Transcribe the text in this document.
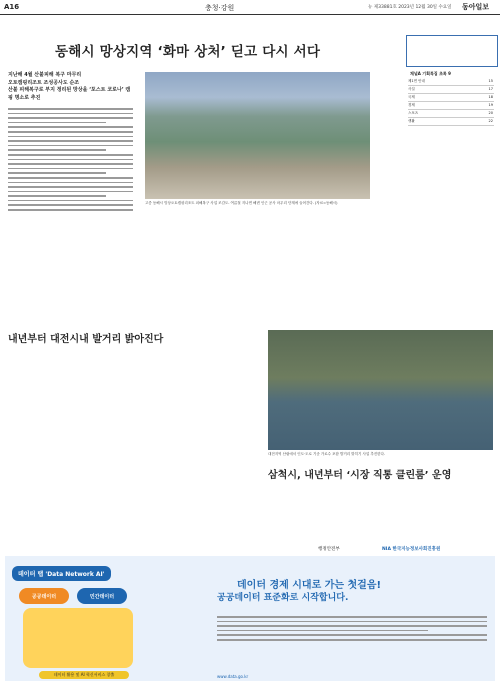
A16	충청·강원	뉴 제33881호 2023년 12월 30일 수요일 동아일보
동해시 망상지역 ‘화마 상처’ 딛고 다시 서다
지난해 4월 산불피해 복구 마무리
오토캠핑리조트 조성공사도 순조
산불 피해복구로 부지 정리된 망상을 ‘포스트 코로나’ 캠핑 명소로 추진
고층 동해시 망상오토캠핑리조트 피해복구 사업 조감도. 여름철 지나면 해변 인근 공사 마무리 단계에 들어간다. (자료=동해시)
채널A 기획특집 초록 9
제1면 안내	15
사설	17
국제	18
경제	19
스포츠	20
생활	22
내년부터 대전시내 발거리 밝아진다
대전지역 산림에서 인도·도로 기준 가로수 포함 발거리 밝히기 사업 추진한다.
삼척시, 내년부터 ‘시장 직통 클린룸’ 운영
행정안전부	NIA 한국지능정보사회진흥원
데이터 탭 'Data Network AI'
공공데이터	민간데이터
데이터 활용 및 AI 혁신서비스 창출
데이터 경제 시대로 가는 첫걸음!
공공데이터 표준화로 시작합니다.
www.data.go.kr
